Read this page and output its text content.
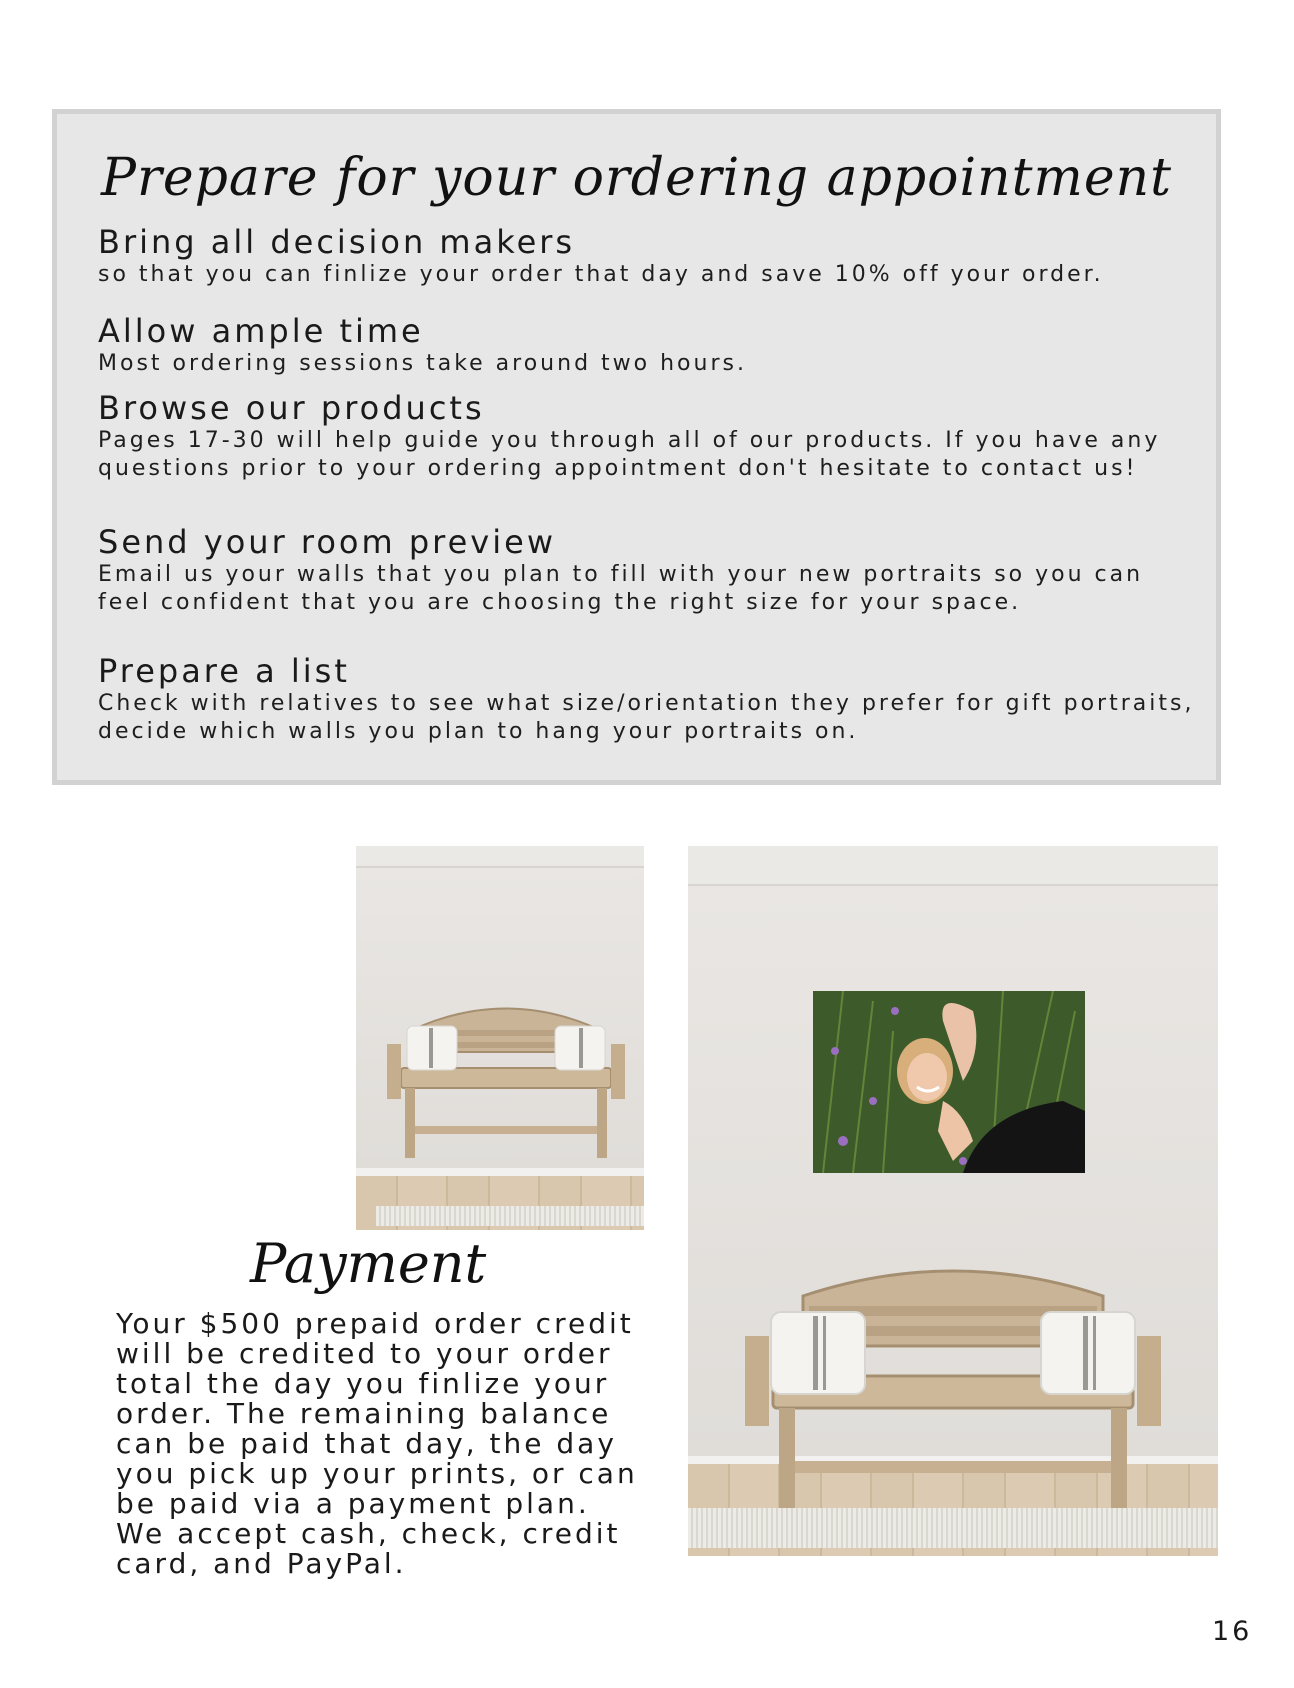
Prepare for your ordering appointment
Bring all decision makers

so that you can finlize your order that day and save 10% off your order.

Allow ample time

Most ordering sessions take around two hours.

Browse our products

Pages 17-30 will help guide you through all of our products. If you have any questions prior to your ordering appointment don't hesitate to contact us!

Send your room preview

Email us your walls that you plan to fill with your new portraits so you can feel confident that you are choosing the right size for your space.

Prepare a list

Check with relatives to see what size/orientation they prefer for gift portraits, decide which walls you plan to hang your portraits on.

Payment

Your $500 prepaid order credit
will be credited to your order
total the day you finlize your
order. The remaining balance
can be paid that day, the day
you pick up your prints, or can
be paid via a payment plan.
We accept cash, check, credit
card, and PayPal.

16
